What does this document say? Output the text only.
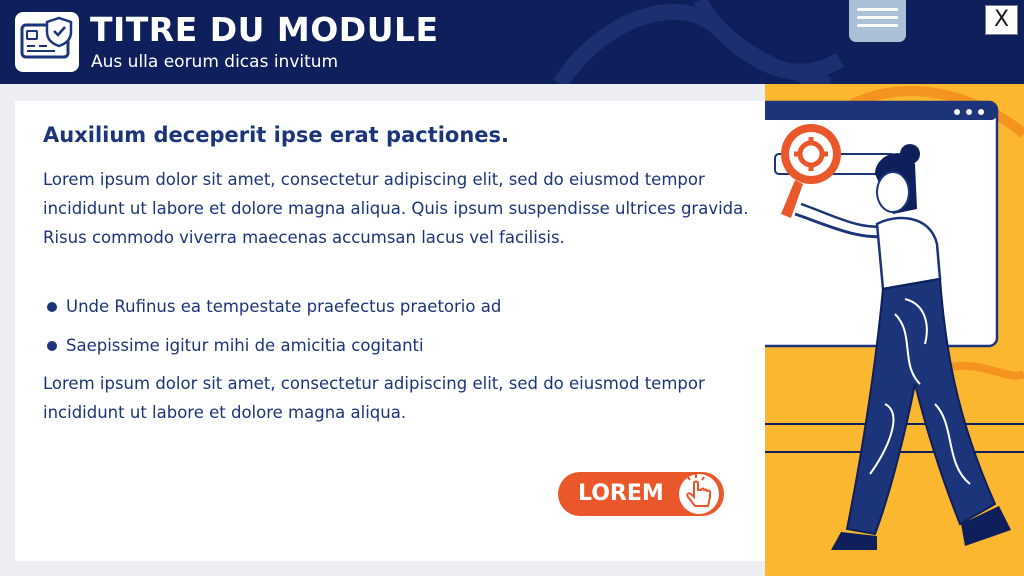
TITRE DU MODULE
Aus ulla eorum dicas invitum
X
Auxilium deceperit ipse erat pactiones.
Lorem ipsum dolor sit amet, consectetur adipiscing elit, sed do eiusmod tempor incididunt ut labore et dolore magna aliqua. Quis ipsum suspendisse ultrices gravida. Risus commodo viverra maecenas accumsan lacus vel facilisis.
Unde Rufinus ea tempestate praefectus praetorio ad
Saepissime igitur mihi de amicitia cogitanti
Lorem ipsum dolor sit amet, consectetur adipiscing elit, sed do eiusmod tempor incididunt ut labore et dolore magna aliqua.
LOREM
